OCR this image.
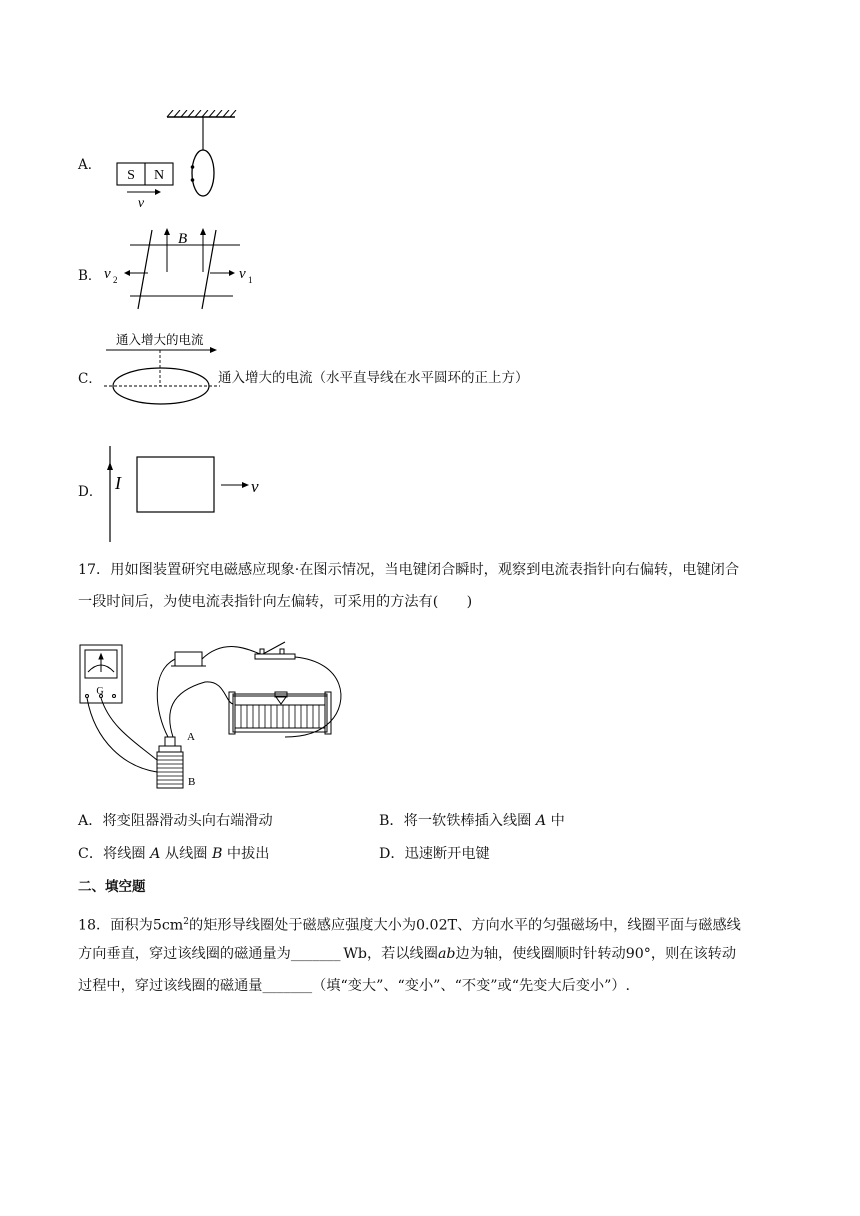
A．
B．
C．	通入增大的电流（水平直导线在水平圆环的正上方）
D．
S N
v
B
v 2	v 1
通入增大的电流
I	v
17．用如图装置研究电磁感应现象·在图示情况，当电键闭合瞬时，观察到电流表指针向右偏转，电键闭合
一段时间后，为使电流表指针向左偏转，可采用的方法有(　　)
G
A
B
A．将变阻器滑动头向右端滑动	B．将一软铁棒插入线圈 A 中
C．将线圈 A 从线圈 B 中拔出	D．迅速断开电键
二、填空题
18．面积为$5cm^2$的矩形导线圈处于磁感应强度大小为0.02T、方向水平的匀强磁场中，线圈平面与磁感线
方向垂直，穿过该线圈的磁通量为_______  Wb，若以线圈ab边为轴，使线圈顺时针转动90°，则在该转动
过程中，穿过该线圈的磁通量_______（填“变大”、“变小”、“不变”或“先变大后变小”）.
